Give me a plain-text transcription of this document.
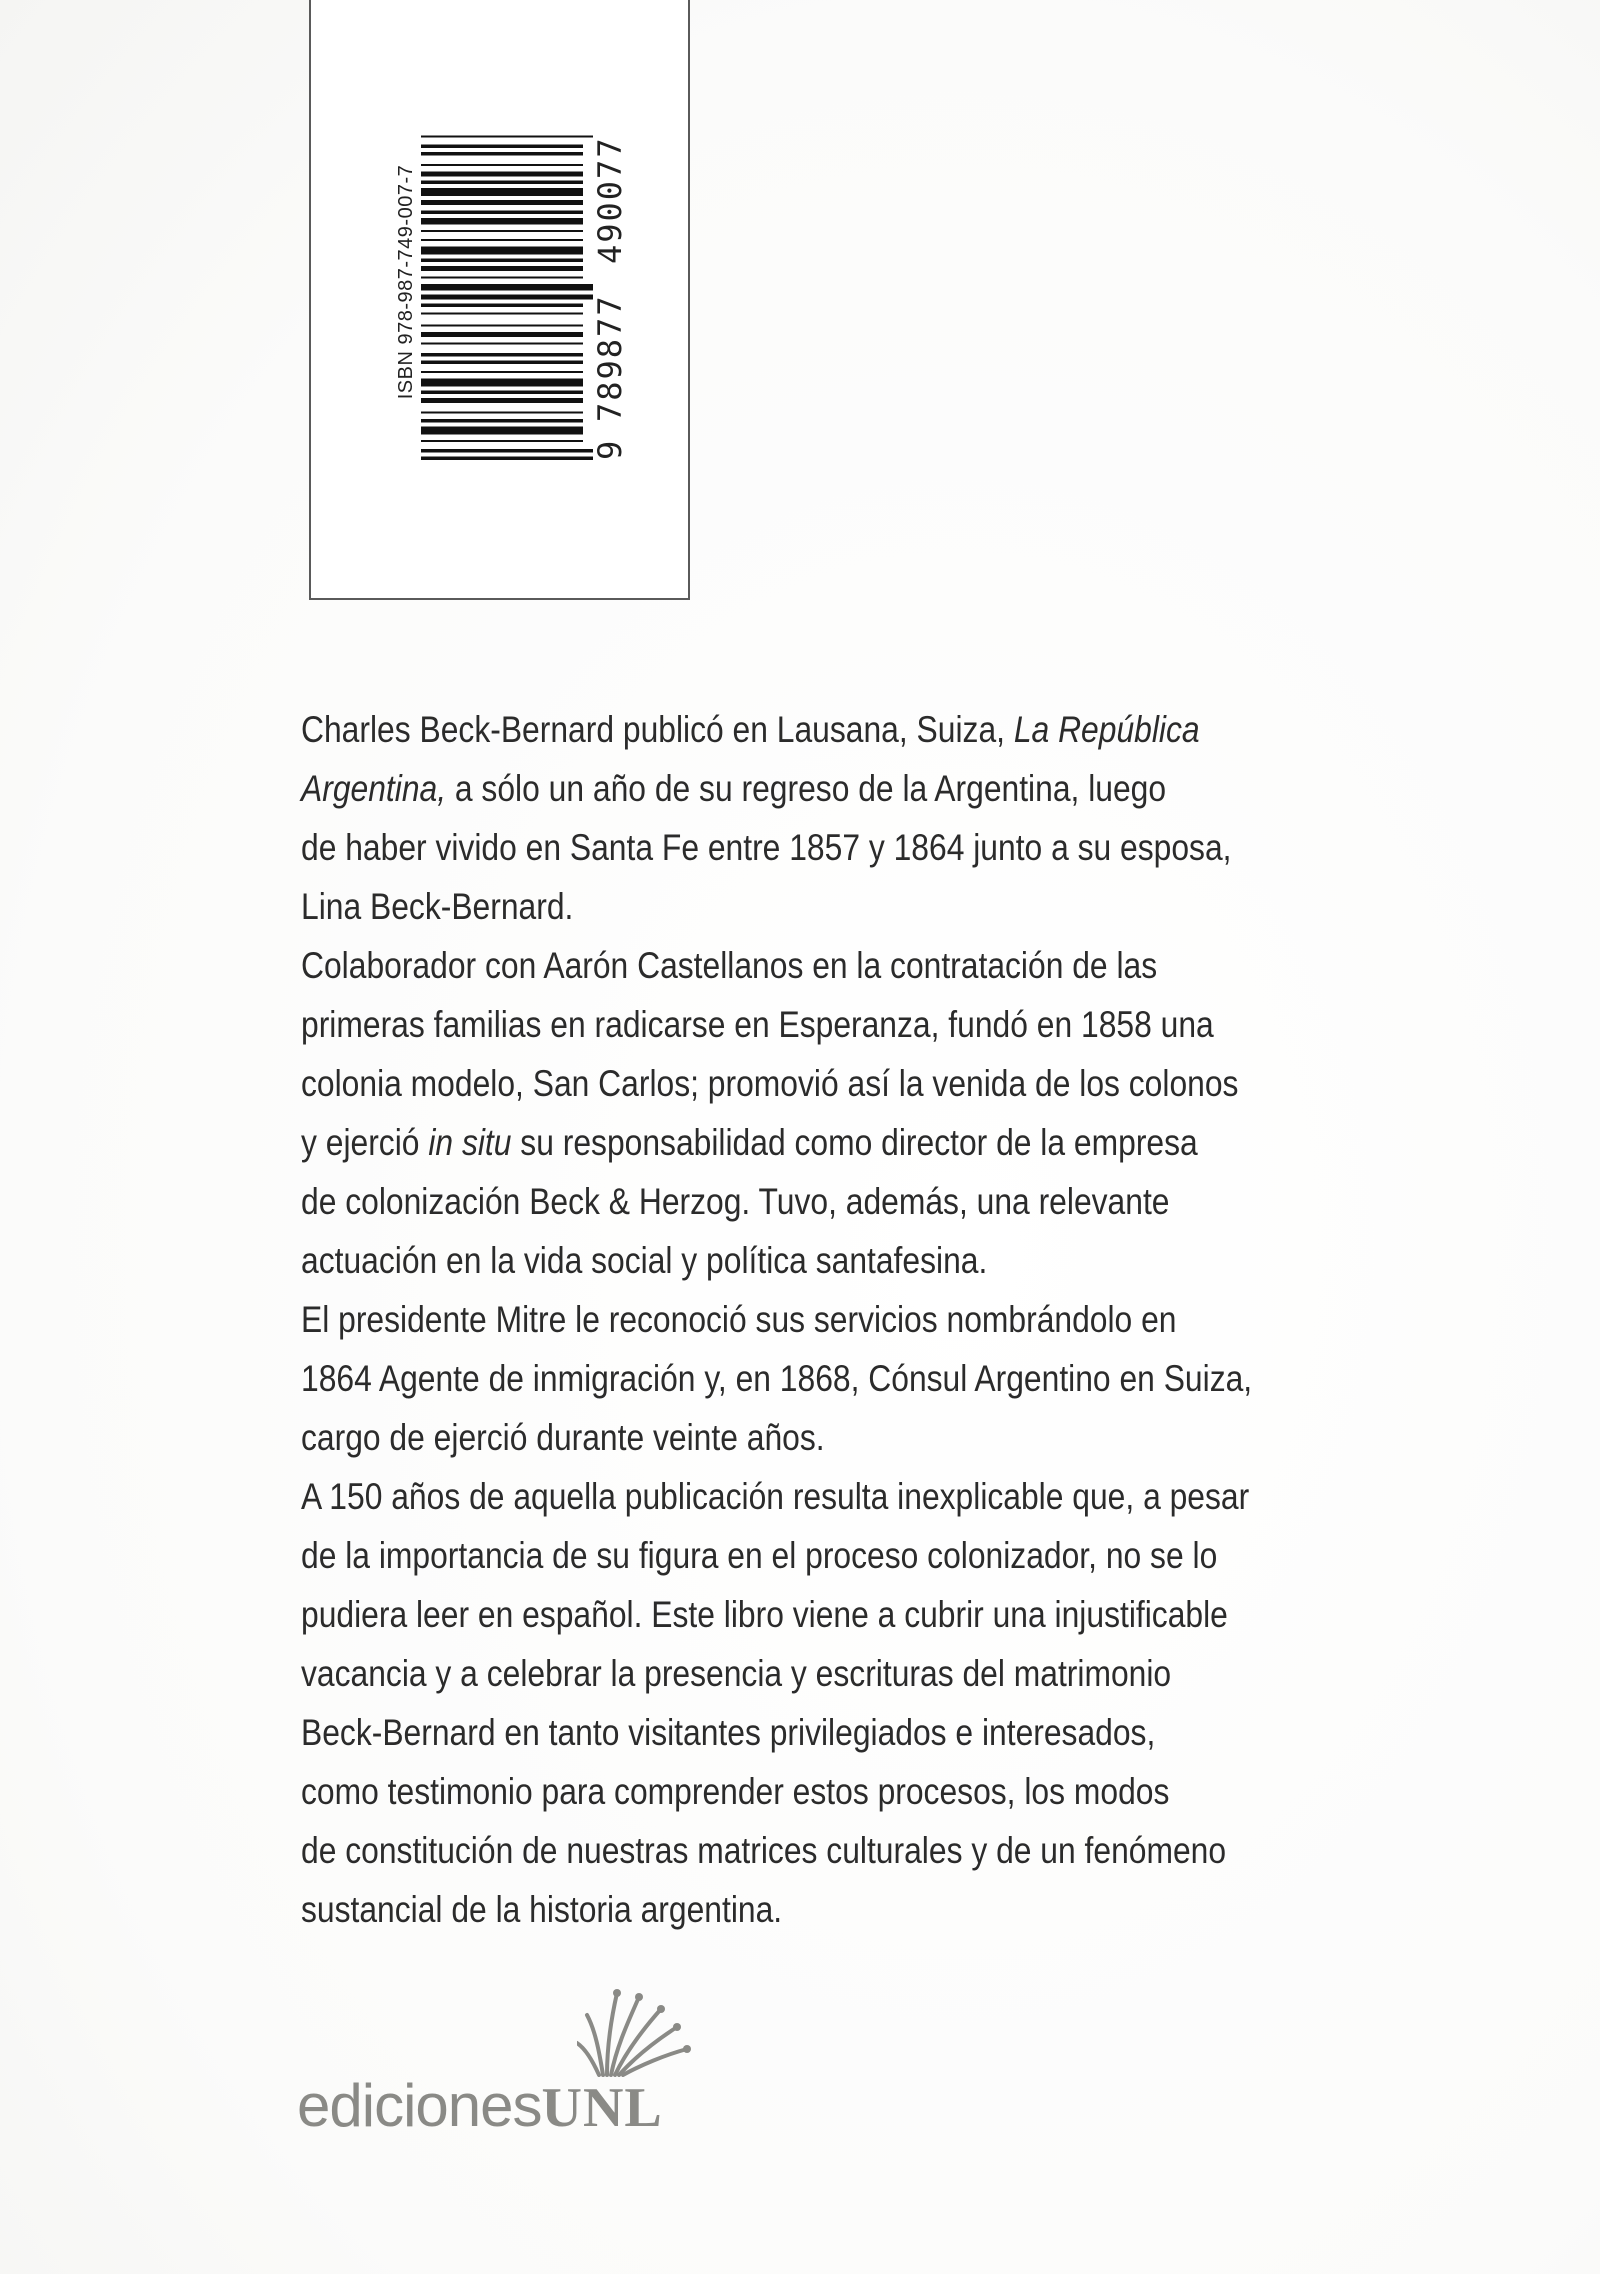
ISBN 978-987-749-007-7
9
789877
490077

Charles Beck-Bernard publicó en Lausana, Suiza, La República
Argentina, a sólo un año de su regreso de la Argentina, luego
de haber vivido en Santa Fe entre 1857 y 1864 junto a su esposa,
Lina Beck-Bernard.

Colaborador con Aarón Castellanos en la contratación de las
primeras familias en radicarse en Esperanza, fundó en 1858 una
colonia modelo, San Carlos; promovió así la venida de los colonos
y ejerció in situ su responsabilidad como director de la empresa
de colonización Beck & Herzog. Tuvo, además, una relevante
actuación en la vida social y política santafesina.

El presidente Mitre le reconoció sus servicios nombrándolo en
1864 Agente de inmigración y, en 1868, Cónsul Argentino en Suiza,
cargo de ejerció durante veinte años.

A 150 años de aquella publicación resulta inexplicable que, a pesar
de la importancia de su figura en el proceso colonizador, no se lo
pudiera leer en español. Este libro viene a cubrir una injustificable
vacancia y a celebrar la presencia y escrituras del matrimonio
Beck-Bernard en tanto visitantes privilegiados e interesados,
como testimonio para comprender estos procesos, los modos
de constitución de nuestras matrices culturales y de un fenómeno
sustancial de la historia argentina.

edicionesUNL
